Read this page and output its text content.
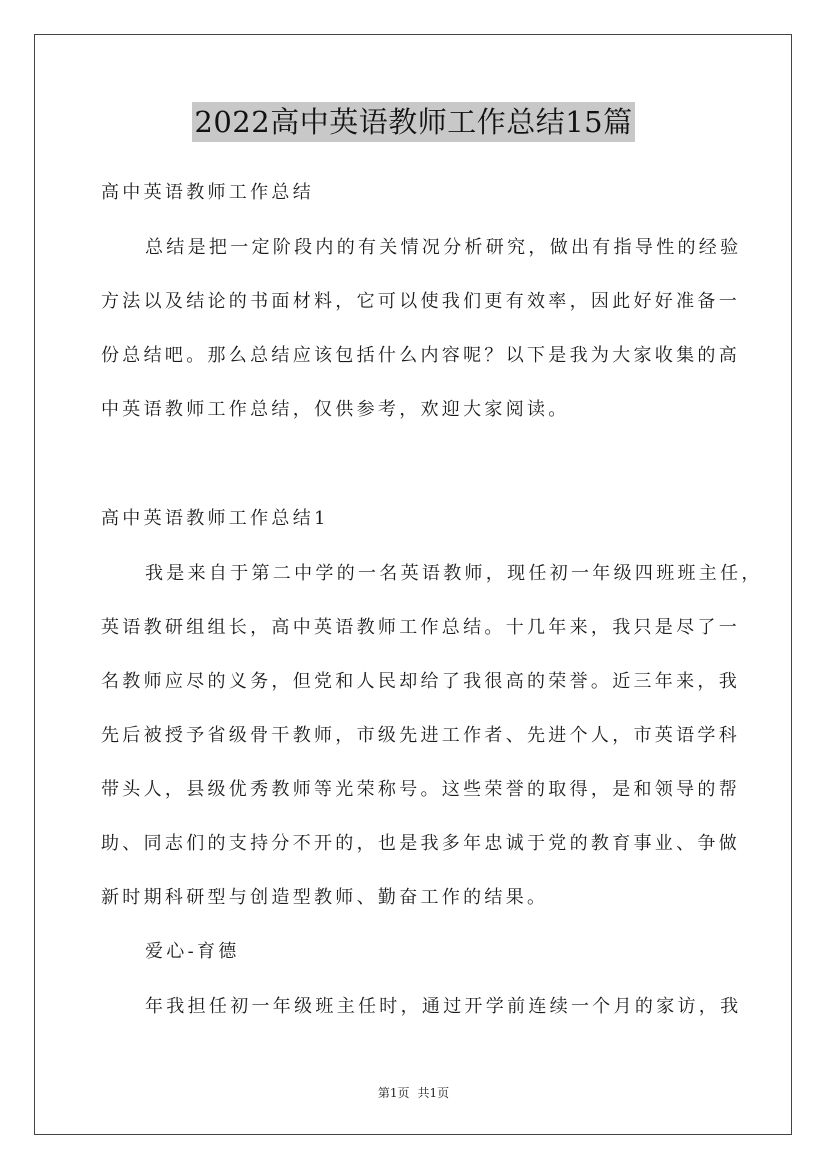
2022高中英语教师工作总结15篇
高中英语教师工作总结
总结是把一定阶段内的有关情况分析研究，做出有指导性的经验
方法以及结论的书面材料，它可以使我们更有效率，因此好好准备一
份总结吧。那么总结应该包括什么内容呢？以下是我为大家收集的高
中英语教师工作总结，仅供参考，欢迎大家阅读。
高中英语教师工作总结1
我是来自于第二中学的一名英语教师，现任初一年级四班班主任，
英语教研组组长，高中英语教师工作总结。十几年来，我只是尽了一
名教师应尽的义务，但党和人民却给了我很高的荣誉。近三年来，我
先后被授予省级骨干教师，市级先进工作者、先进个人，市英语学科
带头人，县级优秀教师等光荣称号。这些荣誉的取得，是和领导的帮
助、同志们的支持分不开的，也是我多年忠诚于党的教育事业、争做
新时期科研型与创造型教师、勤奋工作的结果。
爱心-育德
年我担任初一年级班主任时，通过开学前连续一个月的家访，我
第1页 共1页
